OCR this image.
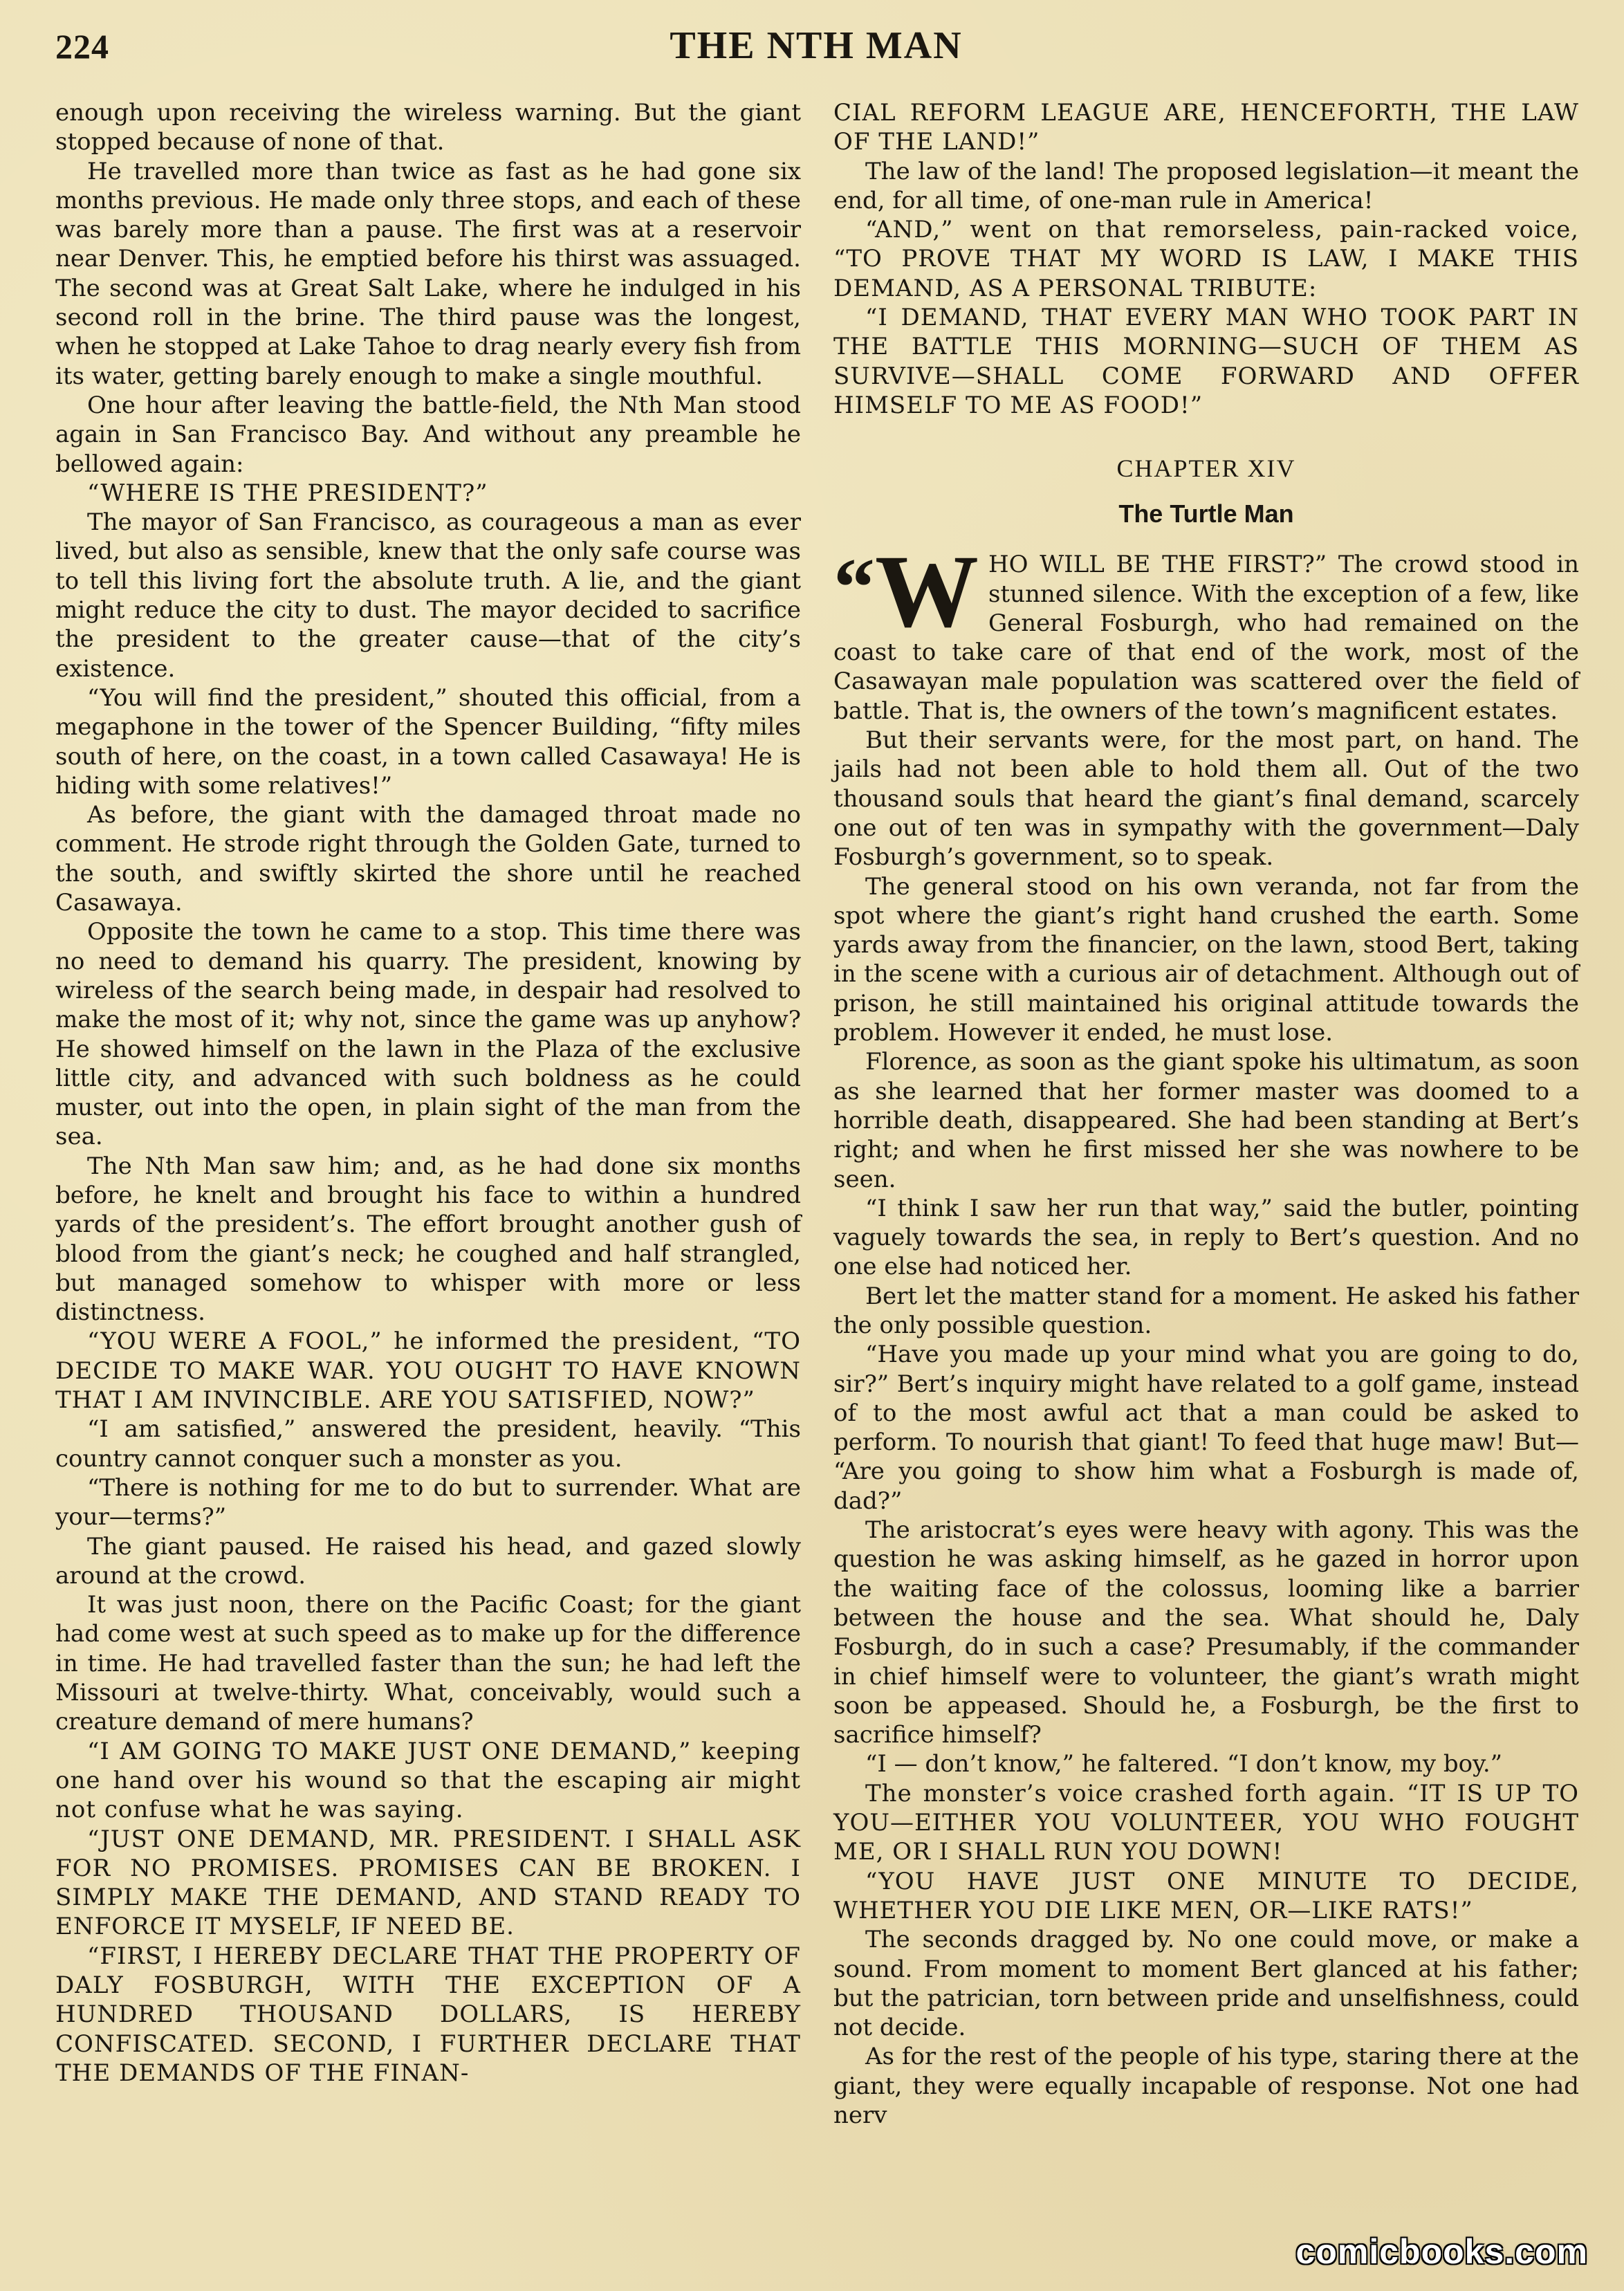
224	THE NTH MAN

enough upon receiving the wireless warning. But the giant stopped because of none of that.

He travelled more than twice as fast as he had gone six months previous. He made only three stops, and each of these was barely more than a pause. The first was at a reservoir near Denver. This, he emptied before his thirst was assuaged. The second was at Great Salt Lake, where he indulged in his second roll in the brine. The third pause was the longest, when he stopped at Lake Tahoe to drag nearly every fish from its water, getting barely enough to make a single mouthful.

One hour after leaving the battle-field, the Nth Man stood again in San Francisco Bay. And without any preamble he bellowed again:

“WHERE IS THE PRESIDENT?”

The mayor of San Francisco, as courageous a man as ever lived, but also as sensible, knew that the only safe course was to tell this living fort the absolute truth. A lie, and the giant might reduce the city to dust. The mayor decided to sacrifice the president to the greater cause—that of the city’s existence.

“You will find the president,” shouted this official, from a megaphone in the tower of the Spencer Building, “fifty miles south of here, on the coast, in a town called Casawaya! He is hiding with some relatives!”

As before, the giant with the damaged throat made no comment. He strode right through the Golden Gate, turned to the south, and swiftly skirted the shore until he reached Casawaya.

Opposite the town he came to a stop. This time there was no need to demand his quarry. The president, knowing by wireless of the search being made, in despair had resolved to make the most of it; why not, since the game was up anyhow? He showed himself on the lawn in the Plaza of the exclusive little city, and advanced with such boldness as he could muster, out into the open, in plain sight of the man from the sea.

The Nth Man saw him; and, as he had done six months before, he knelt and brought his face to within a hundred yards of the president’s. The effort brought another gush of blood from the giant’s neck; he coughed and half strangled, but managed somehow to whisper with more or less distinctness.

“YOU WERE A FOOL,” he informed the president, “TO DECIDE TO MAKE WAR. YOU OUGHT TO HAVE KNOWN THAT I AM INVINCIBLE. ARE YOU SATISFIED, NOW?”

“I am satisfied,” answered the president, heavily. “This country cannot conquer such a monster as you.

“There is nothing for me to do but to surrender. What are your—terms?”

The giant paused. He raised his head, and gazed slowly around at the crowd.

It was just noon, there on the Pacific Coast; for the giant had come west at such speed as to make up for the difference in time. He had travelled faster than the sun; he had left the Missouri at twelve-thirty. What, conceivably, would such a creature demand of mere humans?

“I AM GOING TO MAKE JUST ONE DEMAND,” keeping one hand over his wound so that the escaping air might not confuse what he was saying.

“JUST ONE DEMAND, MR. PRESIDENT. I SHALL ASK FOR NO PROMISES. PROMISES CAN BE BROKEN. I SIMPLY MAKE THE DEMAND, AND STAND READY TO ENFORCE IT MYSELF, IF NEED BE.

“FIRST, I HEREBY DECLARE THAT THE PROPERTY OF DALY FOSBURGH, WITH THE EXCEPTION OF A HUNDRED THOUSAND DOLLARS, IS HEREBY CONFISCATED. SECOND, I FURTHER DECLARE THAT THE DEMANDS OF THE FINAN-

CIAL REFORM LEAGUE ARE, HENCEFORTH, THE LAW OF THE LAND!”

The law of the land! The proposed legislation—it meant the end, for all time, of one-man rule in America!

“AND,” went on that remorseless, pain-racked voice, “TO PROVE THAT MY WORD IS LAW, I MAKE THIS DEMAND, AS A PERSONAL TRIBUTE:

“I DEMAND, THAT EVERY MAN WHO TOOK PART IN THE BATTLE THIS MORNING—SUCH OF THEM AS SURVIVE—SHALL COME FORWARD AND OFFER HIMSELF TO ME AS FOOD!”

CHAPTER XIV
The Turtle Man
“W HO WILL BE THE FIRST?” The crowd stood in stunned silence. With the exception of a few, like General Fosburgh, who had remained on the coast to take care of that end of the work, most of the Casawayan male population was scattered over the field of battle. That is, the owners of the town’s magnificent estates.

But their servants were, for the most part, on hand. The jails had not been able to hold them all. Out of the two thousand souls that heard the giant’s final demand, scarcely one out of ten was in sympathy with the government—Daly Fosburgh’s government, so to speak.

The general stood on his own veranda, not far from the spot where the giant’s right hand crushed the earth. Some yards away from the financier, on the lawn, stood Bert, taking in the scene with a curious air of detachment. Although out of prison, he still maintained his original attitude towards the problem. However it ended, he must lose.

Florence, as soon as the giant spoke his ultimatum, as soon as she learned that her former master was doomed to a horrible death, disappeared. She had been standing at Bert’s right; and when he first missed her she was nowhere to be seen.

“I think I saw her run that way,” said the butler, pointing vaguely towards the sea, in reply to Bert’s question. And no one else had noticed her.

Bert let the matter stand for a moment. He asked his father the only possible question.

“Have you made up your mind what you are going to do, sir?” Bert’s inquiry might have related to a golf game, instead of to the most awful act that a man could be asked to perform. To nourish that giant! To feed that huge maw! But— “Are you going to show him what a Fosburgh is made of, dad?”

The aristocrat’s eyes were heavy with agony. This was the question he was asking himself, as he gazed in horror upon the waiting face of the colossus, looming like a barrier between the house and the sea. What should he, Daly Fosburgh, do in such a case? Presumably, if the commander in chief himself were to volunteer, the giant’s wrath might soon be appeased. Should he, a Fosburgh, be the first to sacrifice himself?

“I — don’t know,” he faltered. “I don’t know, my boy.”

The monster’s voice crashed forth again. “IT IS UP TO YOU—EITHER YOU VOLUNTEER, YOU WHO FOUGHT ME, OR I SHALL RUN YOU DOWN!

“YOU HAVE JUST ONE MINUTE TO DECIDE, WHETHER YOU DIE LIKE MEN, OR—LIKE RATS!”

The seconds dragged by. No one could move, or make a sound. From moment to moment Bert glanced at his father; but the patrician, torn between pride and unselfishness, could not decide.

As for the rest of the people of his type, staring there at the giant, they were equally incapable of response. Not one had nerv

comicbooks.com
